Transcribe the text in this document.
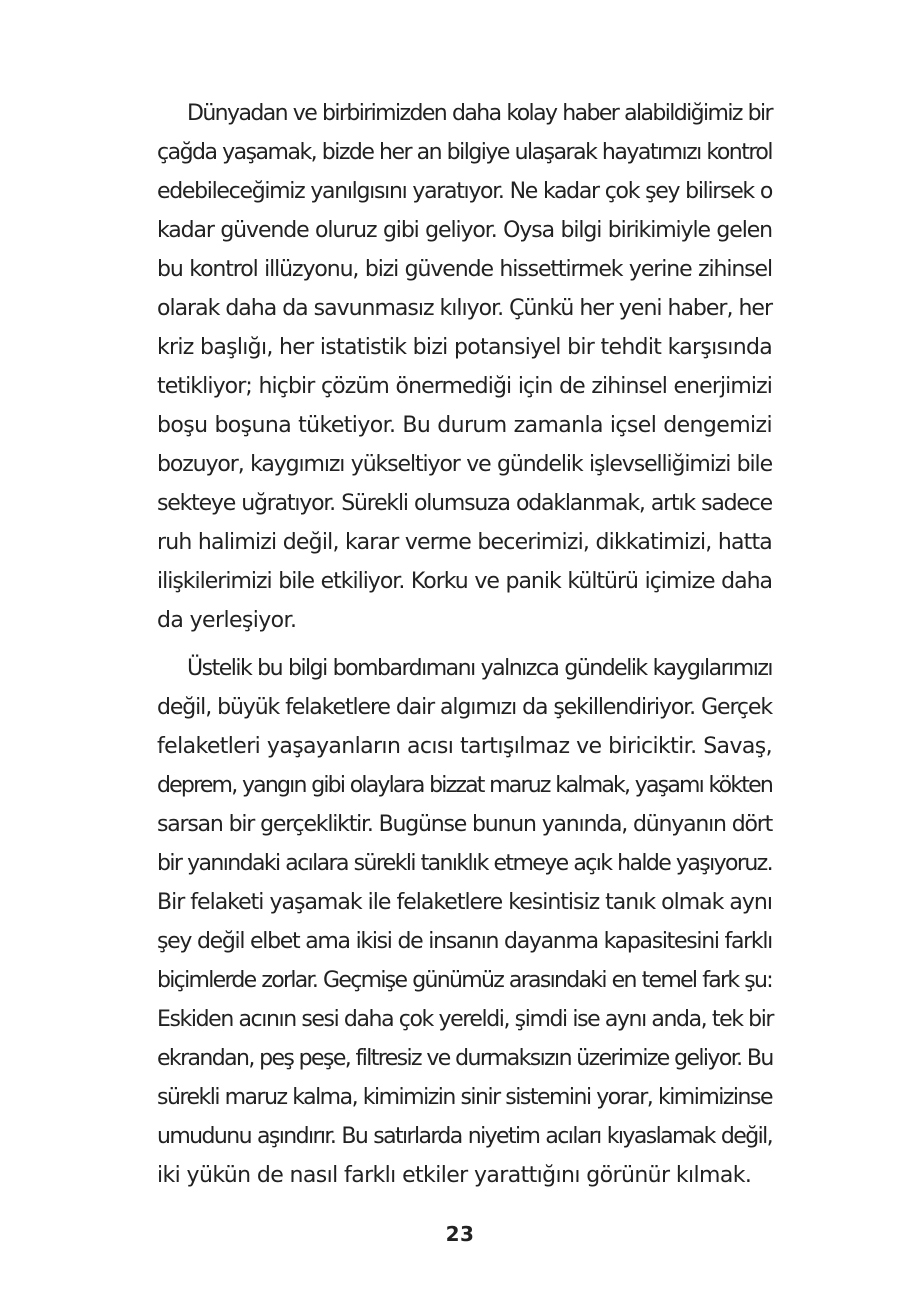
Dünyadan ve birbirimizden daha kolay haber alabildiğimiz bir
çağda yaşamak, bizde her an bilgiye ulaşarak hayatımızı kontrol
edebileceğimiz yanılgısını yaratıyor. Ne kadar çok şey bilirsek o
kadar güvende oluruz gibi geliyor. Oysa bilgi birikimiyle gelen
bu kontrol illüzyonu, bizi güvende hissettirmek yerine zihinsel
olarak daha da savunmasız kılıyor. Çünkü her yeni haber, her
kriz başlığı, her istatistik bizi potansiyel bir tehdit karşısında
tetikliyor; hiçbir çözüm önermediği için de zihinsel enerjimizi
boşu boşuna tüketiyor. Bu durum zamanla içsel dengemizi
bozuyor, kaygımızı yükseltiyor ve gündelik işlevselliğimizi bile
sekteye uğratıyor. Sürekli olumsuza odaklanmak, artık sadece
ruh halimizi değil, karar verme becerimizi, dikkatimizi, hatta
ilişkilerimizi bile etkiliyor. Korku ve panik kültürü içimize daha
da yerleşiyor.
Üstelik bu bilgi bombardımanı yalnızca gündelik kaygılarımızı
değil, büyük felaketlere dair algımızı da şekillendiriyor. Gerçek
felaketleri yaşayanların acısı tartışılmaz ve biriciktir. Savaş,
deprem, yangın gibi olaylara bizzat maruz kalmak, yaşamı kökten
sarsan bir gerçekliktir. Bugünse bunun yanında, dünyanın dört
bir yanındaki acılara sürekli tanıklık etmeye açık halde yaşıyoruz.
Bir felaketi yaşamak ile felaketlere kesintisiz tanık olmak aynı
şey değil elbet ama ikisi de insanın dayanma kapasitesini farklı
biçimlerde zorlar. Geçmişe günümüz arasındaki en temel fark şu:
Eskiden acının sesi daha çok yereldi, şimdi ise aynı anda, tek bir
ekrandan, peş peşe, filtresiz ve durmaksızın üzerimize geliyor. Bu
sürekli maruz kalma, kimimizin sinir sistemini yorar, kimimizinse
umudunu aşındırır. Bu satırlarda niyetim acıları kıyaslamak değil,
iki yükün de nasıl farklı etkiler yarattığını görünür kılmak.
23
